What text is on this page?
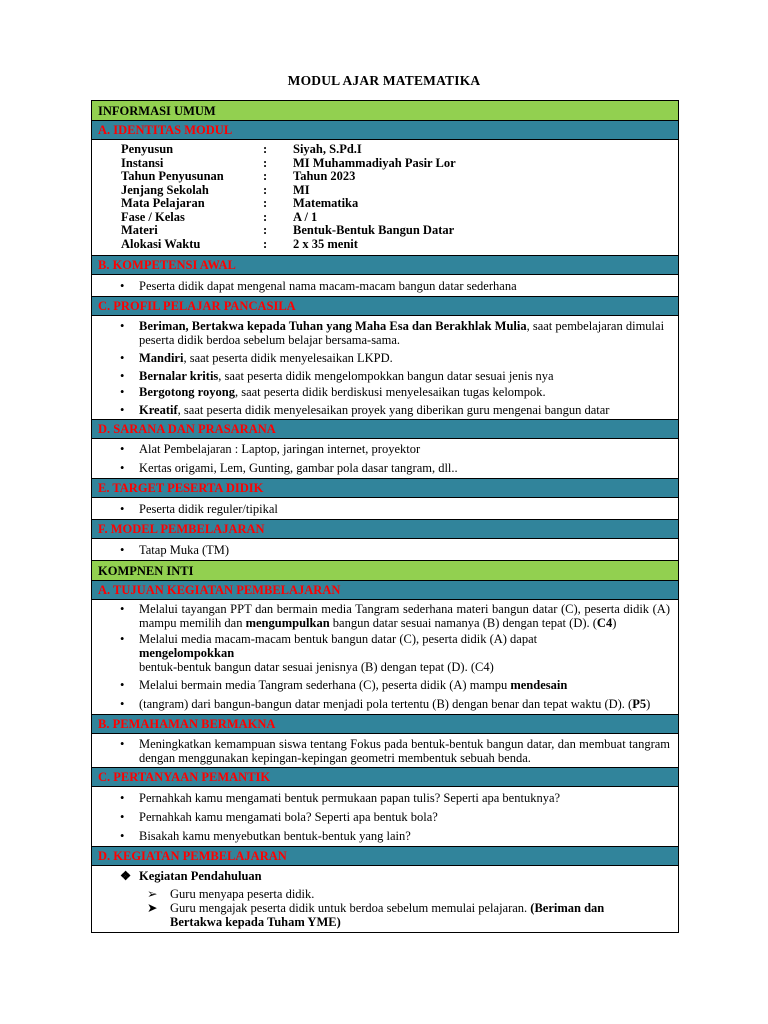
MODUL AJAR MATEMATIKA
INFORMASI UMUM
A. IDENTITAS MODUL
Penyusun	:	Siyah, S.Pd.I
Instansi	:	MI Muhammadiyah Pasir Lor
Tahun Penyusunan	:	Tahun 2023
Jenjang Sekolah	:	MI
Mata Pelajaran	:	Matematika
Fase / Kelas	:	A / 1
Materi	:	Bentuk-Bentuk Bangun Datar
Alokasi Waktu	:	2 x 35 menit
B. KOMPETENSI AWAL
• Peserta didik dapat mengenal nama macam-macam bangun datar sederhana
C. PROFIL PELAJAR PANCASILA
• Beriman, Bertakwa kepada Tuhan yang Maha Esa dan Berakhlak Mulia, saat pembelajaran dimulai peserta didik berdoa sebelum belajar bersama-sama.
• Mandiri, saat peserta didik menyelesaikan LKPD.
• Bernalar kritis, saat peserta didik mengelompokkan bangun datar sesuai jenis nya
• Bergotong royong, saat peserta didik berdiskusi menyelesaikan tugas kelompok.
• Kreatif, saat peserta didik menyelesaikan proyek yang diberikan guru mengenai bangun datar
D. SARANA DAN PRASARANA
• Alat Pembelajaran : Laptop, jaringan internet, proyektor
• Kertas origami, Lem, Gunting, gambar pola dasar tangram, dll..
E. TARGET PESERTA DIDIK
• Peserta didik reguler/tipikal
F. MODEL PEMBELAJARAN
• Tatap Muka (TM)
KOMPNEN INTI
A. TUJUAN KEGIATAN PEMBELAJARAN
• Melalui tayangan PPT dan bermain media Tangram sederhana materi bangun datar (C), peserta didik (A) mampu memilih dan mengumpulkan bangun datar sesuai namanya (B) dengan tepat (D). (C4)
• Melalui media macam-macam bentuk bangun datar (C), peserta didik (A) dapat
mengelompokkan
bentuk-bentuk bangun datar sesuai jenisnya (B) dengan tepat (D). (C4)
• Melalui bermain media Tangram sederhana (C), peserta didik (A) mampu mendesain
• (tangram) dari bangun-bangun datar menjadi pola tertentu (B) dengan benar dan tepat waktu (D). (P5)
B. PEMAHAMAN BERMAKNA
• Meningkatkan kemampuan siswa tentang Fokus pada bentuk-bentuk bangun datar, dan membuat tangram dengan menggunakan kepingan-kepingan geometri membentuk sebuah benda.
C. PERTANYAAN PEMANTIK
• Pernahkah kamu mengamati bentuk permukaan papan tulis? Seperti apa bentuknya?
• Pernahkah kamu mengamati bola? Seperti apa bentuk bola?
• Bisakah kamu menyebutkan bentuk-bentuk yang lain?
D. KEGIATAN PEMBELAJARAN
❖ Kegiatan Pendahuluan
➢ Guru menyapa peserta didik.
➤ Guru mengajak peserta didik untuk berdoa sebelum memulai pelajaran. (Beriman dan Bertakwa kepada Tuham YME)
